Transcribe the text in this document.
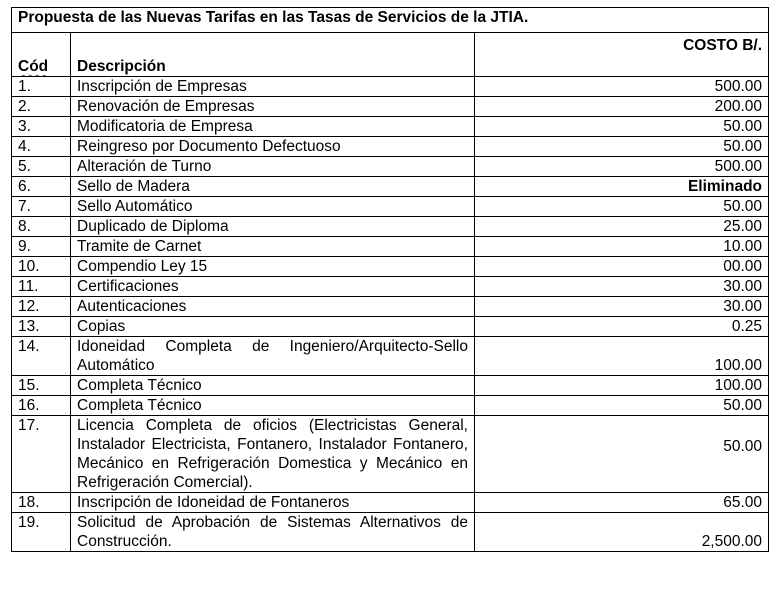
Propuesta de las Nuevas Tarifas en las Tasas de Servicios de la JTIA.		
Cód	Descripción	COSTO B/.
1.	Inscripción de Empresas	500.00
2.	Renovación de Empresas	200.00
3.	Modificatoria de Empresa	50.00
4.	Reingreso por Documento Defectuoso	50.00
5.	Alteración de Turno	500.00
6.	Sello de Madera	Eliminado
7.	Sello Automático	50.00
8.	Duplicado de Diploma	25.00
9.	Tramite de Carnet	10.00
10.	Compendio Ley 15	00.00
11.	Certificaciones	30.00
12.	Autenticaciones	30.00
13.	Copias	0.25
14.	Idoneidad Completa de Ingeniero/Arquitecto-Sello Automático	100.00
15.	Completa Técnico	100.00
16.	Completa Técnico	50.00
17.	Licencia Completa de oficios (Electricistas General, Instalador Electricista, Fontanero, Instalador Fontanero, Mecánico en Refrigeración Domestica y Mecánico en Refrigeración Comercial).	50.00
18.	Inscripción de Idoneidad de Fontaneros	65.00
19.	Solicitud de Aprobación de Sistemas Alternativos de Construcción.	2,500.00
